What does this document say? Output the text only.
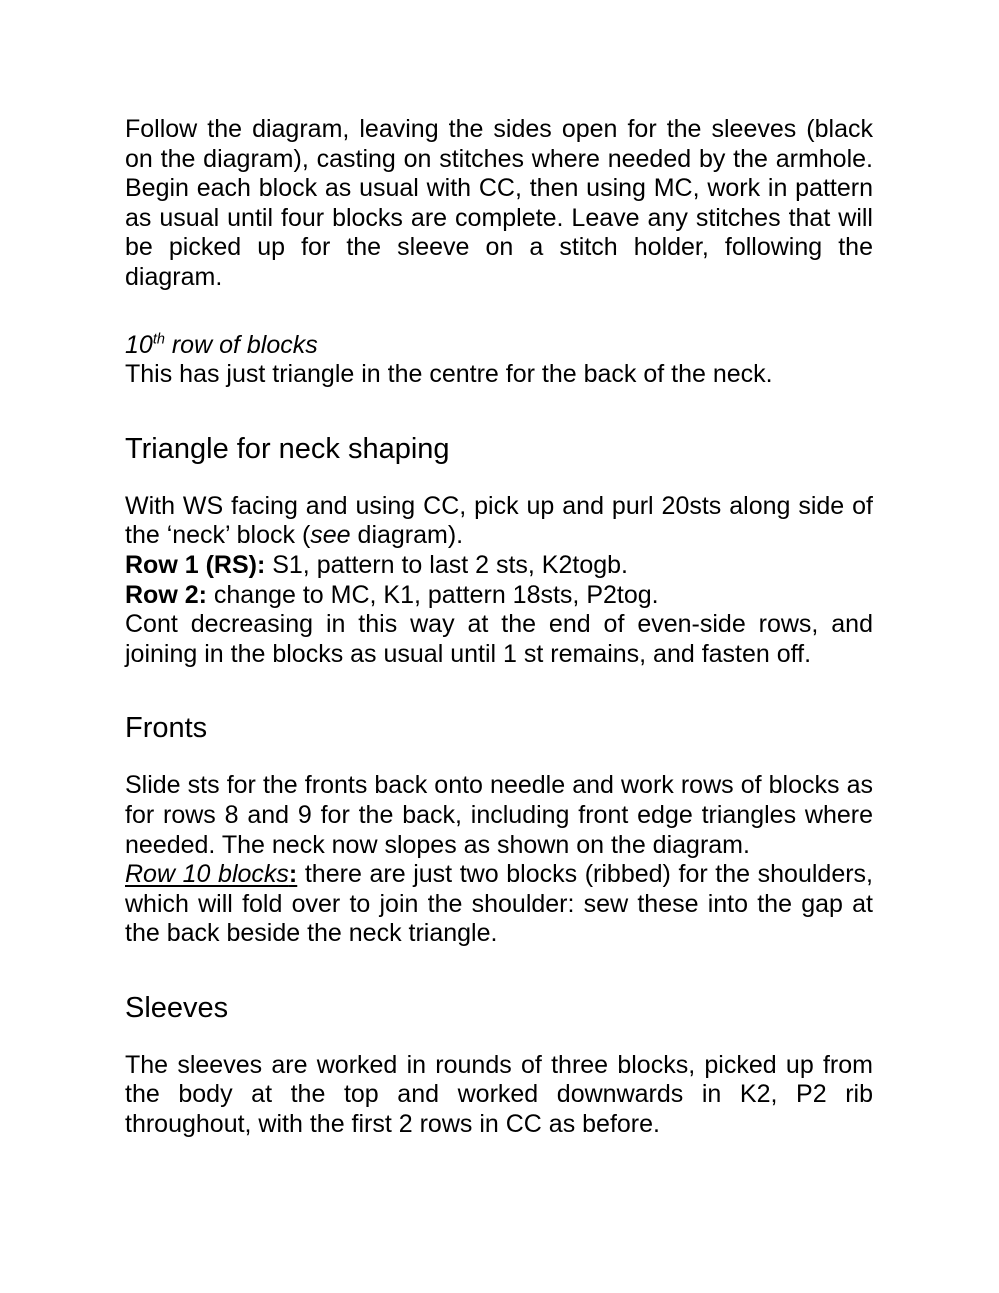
Follow the diagram, leaving the sides open for the sleeves (black on the diagram), casting on stitches where needed by the armhole. Begin each block as usual with CC, then using MC, work in pattern as usual until four blocks are complete. Leave any stitches that will be picked up for the sleeve on a stitch holder, following the diagram.

10th row of blocks
This has just triangle in the centre for the back of the neck.

Triangle for neck shaping

With WS facing and using CC, pick up and purl 20sts along side of the ‘neck’ block (see diagram).
Row 1 (RS): S1, pattern to last 2 sts, K2togb.
Row 2: change to MC, K1, pattern 18sts, P2tog.
Cont decreasing in this way at the end of even-side rows, and joining in the blocks as usual until 1 st remains, and fasten off.

Fronts

Slide sts for the fronts back onto needle and work rows of blocks as for rows 8 and 9 for the back, including front edge triangles where needed. The neck now slopes as shown on the diagram.
Row 10 blocks: there are just two blocks (ribbed) for the shoulders, which will fold over to join the shoulder: sew these into the gap at the back beside the neck triangle.

Sleeves

The sleeves are worked in rounds of three blocks, picked up from the body at the top and worked downwards in K2, P2 rib throughout, with the first 2 rows in CC as before.
